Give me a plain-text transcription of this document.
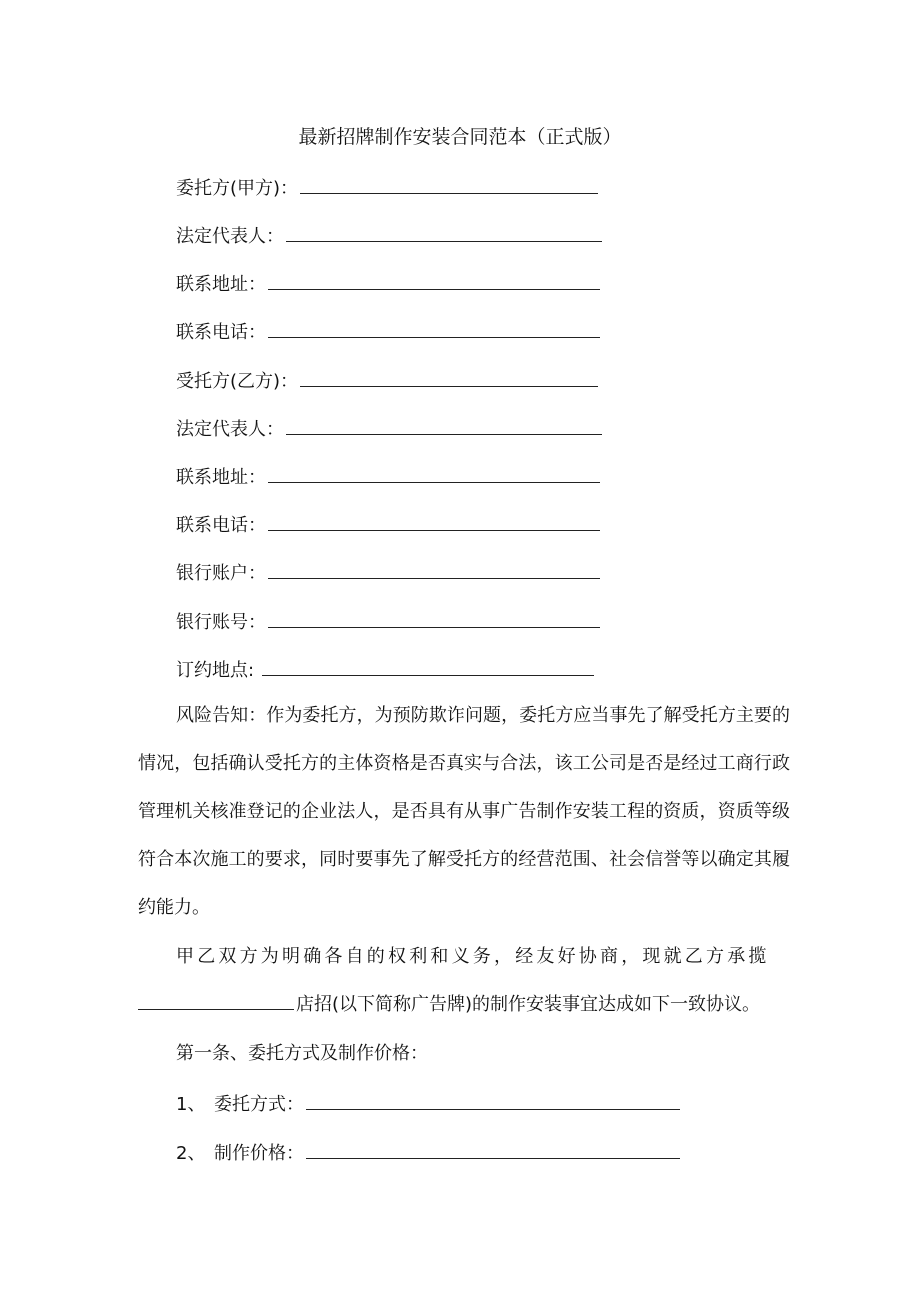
最新招牌制作安装合同范本（正式版）
委托方(甲方)：
法定代表人：
联系地址：
联系电话：
受托方(乙方)：
法定代表人：
联系地址：
联系电话：
银行账户：
银行账号：
订约地点:
风险告知：作为委托方，为预防欺诈问题，委托方应当事先了解受托方主要的情况，包括确认受托方的主体资格是否真实与合法，该工公司是否是经过工商行政管理机关核准登记的企业法人，是否具有从事广告制作安装工程的资质，资质等级符合本次施工的要求，同时要事先了解受托方的经营范围、社会信誉等以确定其履约能力。
甲乙双方为明确各自的权利和义务，经友好协商，现就乙方承揽
店招(以下简称广告牌)的制作安装事宜达成如下一致协议。
第一条、委托方式及制作价格：
1、 委托方式：
2、 制作价格：
